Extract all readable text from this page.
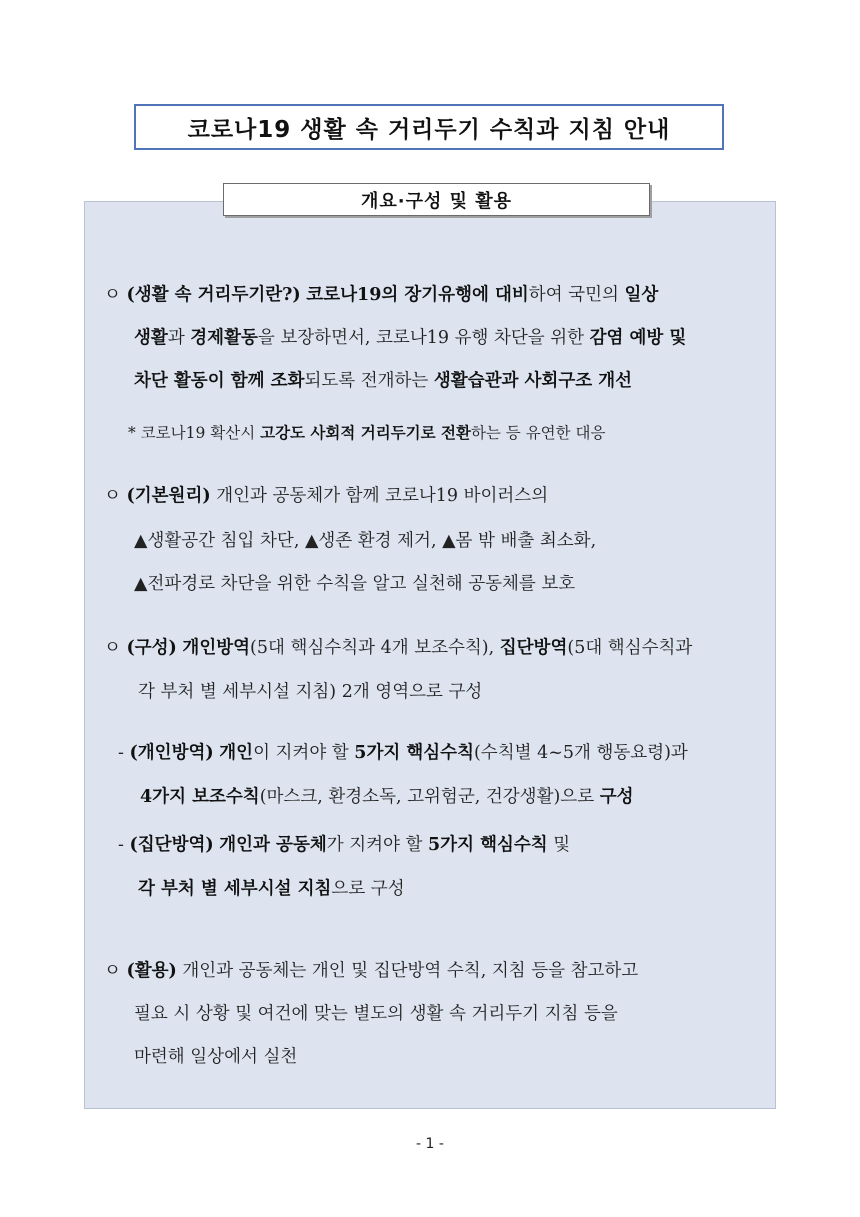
코로나19 생활 속 거리두기 수칙과 지침 안내
개요·구성 및 활용
ㅇ (생활 속 거리두기란?) 코로나19의 장기유행에 대비하여 국민의 일상
생활과 경제활동을 보장하면서, 코로나19 유행 차단을 위한 감염 예방 및
차단 활동이 함께 조화되도록 전개하는 생활습관과 사회구조 개선
* 코로나19 확산시 고강도 사회적 거리두기로 전환하는 등 유연한 대응
ㅇ (기본원리) 개인과 공동체가 함께 코로나19 바이러스의
▲생활공간 침입 차단, ▲생존 환경 제거, ▲몸 밖 배출 최소화,
▲전파경로 차단을 위한 수칙을 알고 실천해 공동체를 보호
ㅇ (구성) 개인방역(5대 핵심수칙과 4개 보조수칙), 집단방역(5대 핵심수칙과
각 부처 별 세부시설 지침) 2개 영역으로 구성
- (개인방역) 개인이 지켜야 할 5가지 핵심수칙(수칙별 4~5개 행동요령)과
4가지 보조수칙(마스크, 환경소독, 고위험군, 건강생활)으로 구성
- (집단방역) 개인과 공동체가 지켜야 할 5가지 핵심수칙 및
각 부처 별 세부시설 지침으로 구성
ㅇ (활용) 개인과 공동체는 개인 및 집단방역 수칙, 지침 등을 참고하고
필요 시 상황 및 여건에 맞는 별도의 생활 속 거리두기 지침 등을
마련해 일상에서 실천
- 1 -
